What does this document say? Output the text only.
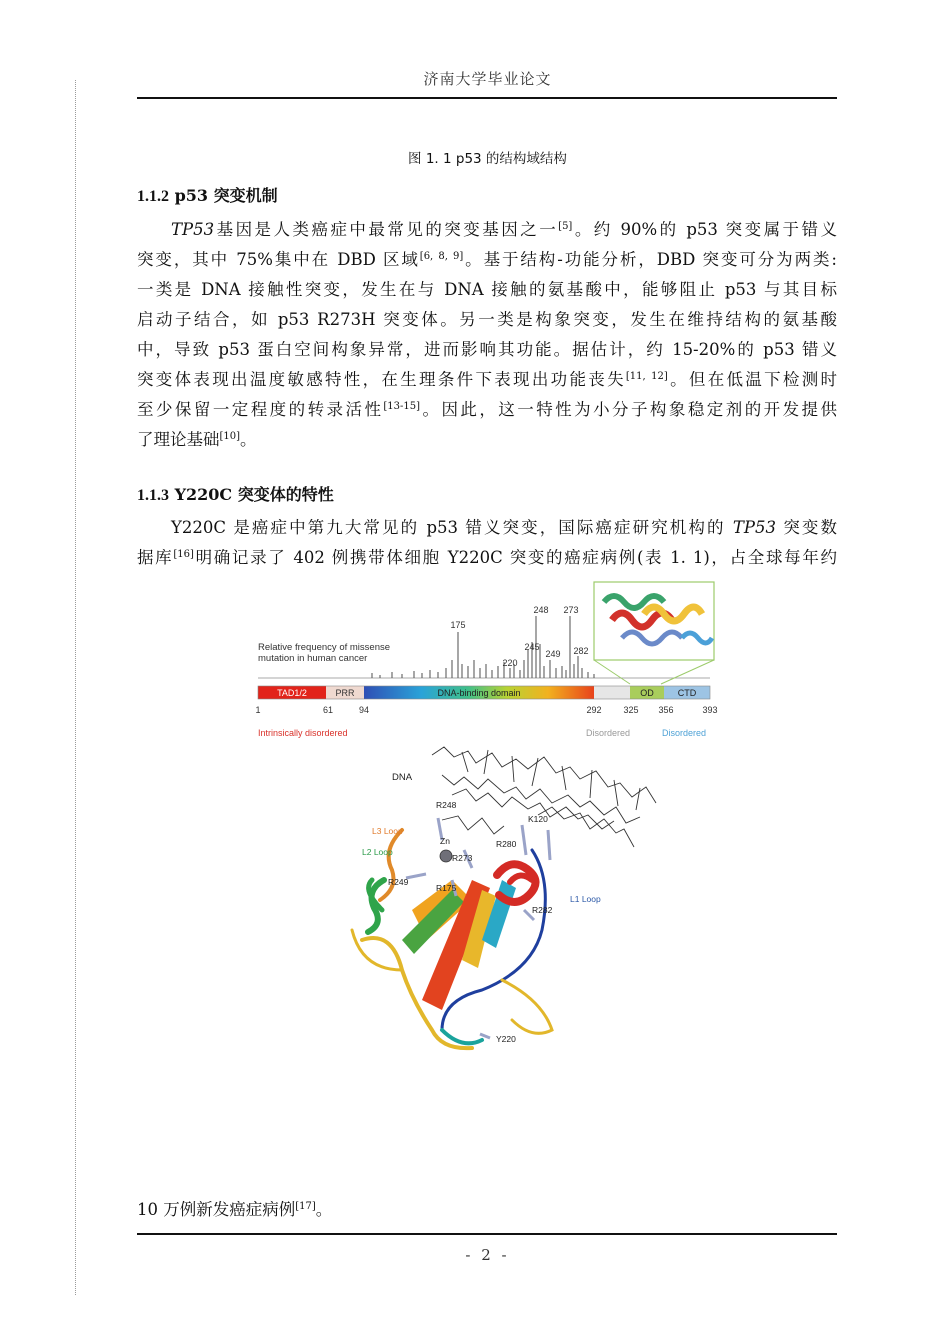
济南大学毕业论文
图 1. 1 p53 的结构域结构
1.1.2 p53 突变机制
TP53基因是人类癌症中最常见的突变基因之一[5]。约 90%的 p53 突变属于错义
突变，其中 75%集中在 DBD 区域[6, 8, 9]。基于结构-功能分析，DBD 突变可分为两类:
一类是 DNA 接触性突变，发生在与 DNA 接触的氨基酸中，能够阻止 p53 与其目标
启动子结合，如 p53 R273H 突变体。另一类是构象突变，发生在维持结构的氨基酸
中，导致 p53 蛋白空间构象异常，进而影响其功能。据估计，约 15-20%的 p53 错义
突变体表现出温度敏感特性，在生理条件下表现出功能丧失[11, 12]。但在低温下检测时
至少保留一定程度的转录活性[13-15]。因此，这一特性为小分子构象稳定剂的开发提供
了理论基础[10]。
1.1.3 Y220C 突变体的特性
Y220C 是癌症中第九大常见的 p53 错义突变，国际癌症研究机构的 TP53 突变数
据库[16]明确记录了 402 例携带体细胞 Y220C 突变的癌症病例(表 1. 1)，占全球每年约
Relative frequency of missense
mutation in human cancer
175
245
248
249
273
282
220
TAD1/2	PRR	DNA-binding domain	OD	CTD
1	61	94	292 325 356	393
Intrinsically disordered	Disordered	Disordered
DNA
R248
L3 Loop
Zn
K120
L2 Loop
R273
R280
R249
R175
R282
L1 Loop
Y220
10 万例新发癌症病例[17]。
- 2 -
